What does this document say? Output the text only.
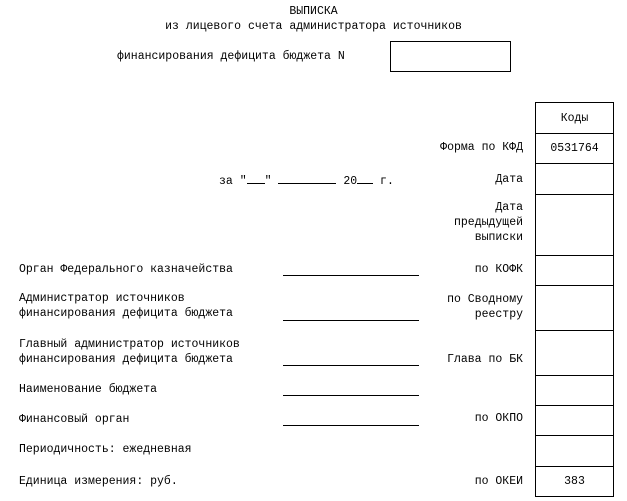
ВЫПИСКА
из лицевого счета администратора источников
финансирования дефицита бюджета N
за " "	20 г.
Форма по КФД
Дата
Дата
предыдущей
выписки
по КОФК
по Сводному
реестру
Глава по БК
по ОКПО
по ОКЕИ
Орган Федерального казначейства
Администратор источников
финансирования дефицита бюджета
Главный администратор источников
финансирования дефицита бюджета
Наименование бюджета
Финансовый орган
Периодичность: ежедневная
Единица измерения: руб.
Коды
0531764
383
